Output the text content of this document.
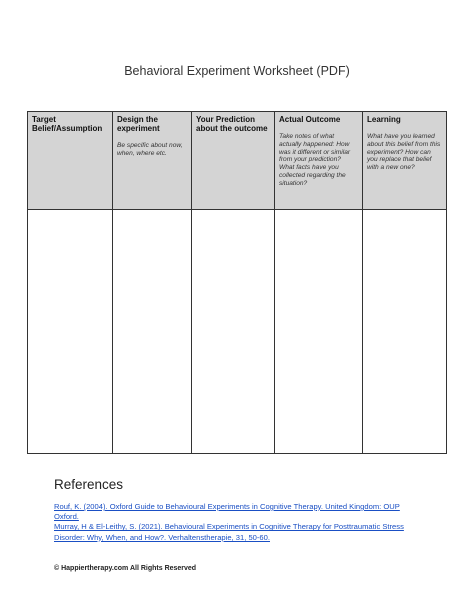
Behavioral Experiment Worksheet (PDF)
Target Belief/Assumption
Design the experiment
Be specific about now, when, where etc.
Your Prediction about the outcome
Actual Outcome
Take notes of what actually happened: How was it different or similar from your prediction? What facts have you collected regarding the situation?
Learning
What have you learned about this belief from this experiment? How can you replace that belief with a new one?
References
Rouf, K. (2004). Oxford Guide to Behavioural Experiments in Cognitive Therapy. United Kingdom: OUP Oxford.
Murray, H & El-Leithy, S. (2021). Behavioural Experiments in Cognitive Therapy for Posttraumatic Stress Disorder: Why, When, and How?. Verhaltenstherapie, 31, 50-60.
© Happiertherapy.com All Rights Reserved
